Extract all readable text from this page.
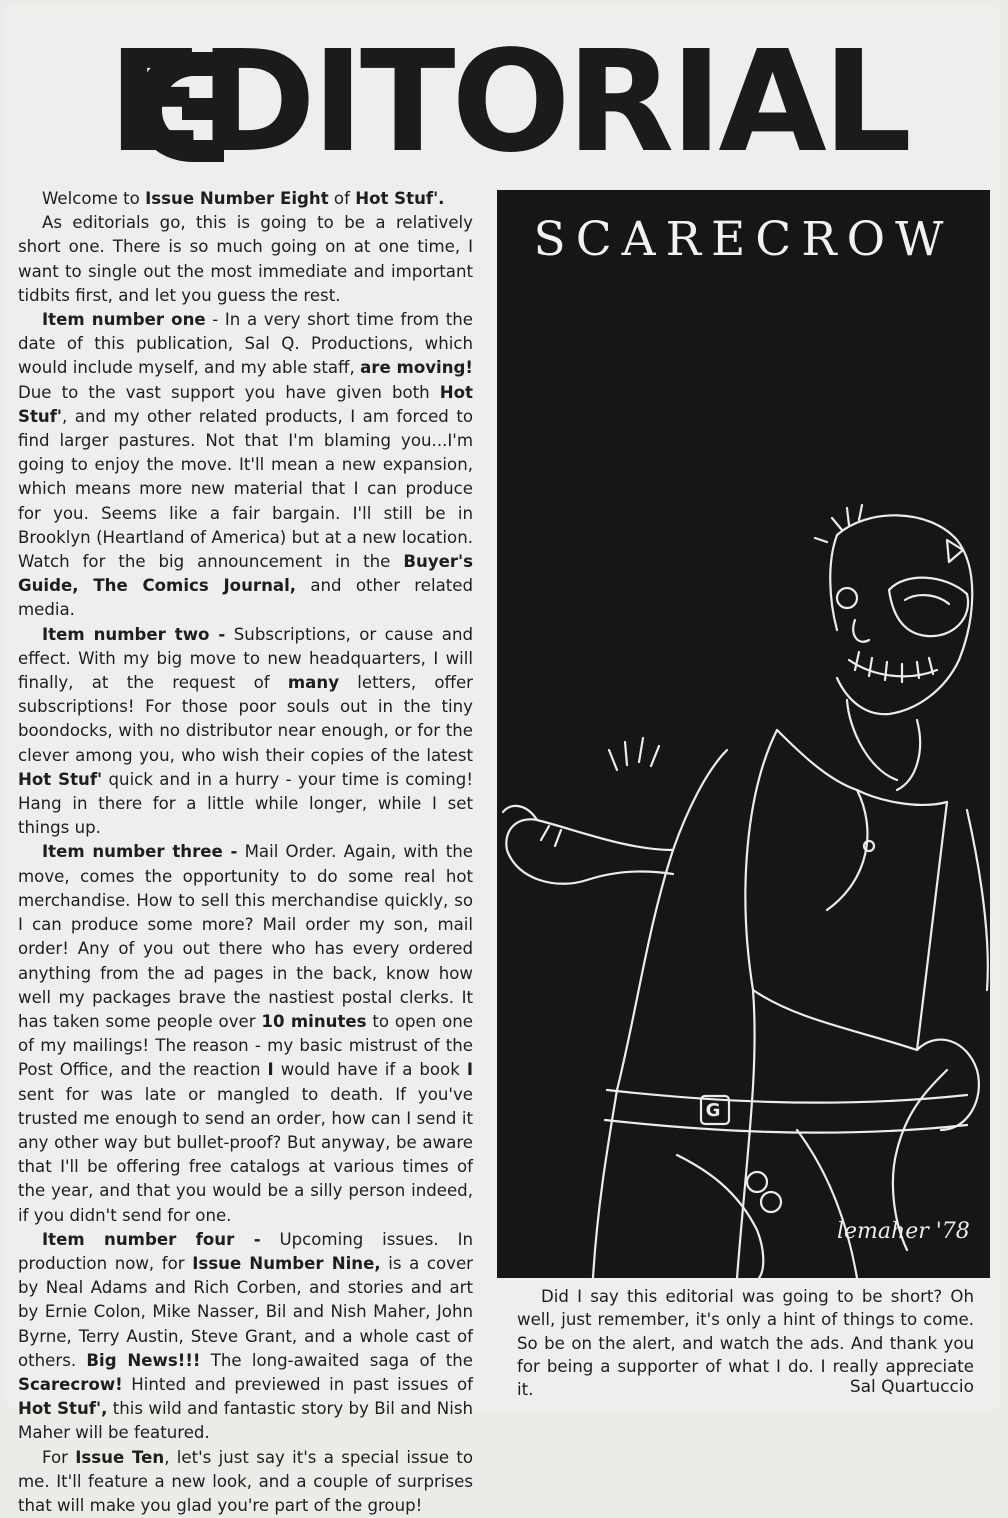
EDITORIAL

Welcome to Issue Number Eight of Hot Stuf'.

As editorials go, this is going to be a relatively short one. There is so much going on at one time, I want to single out the most immediate and important tidbits first, and let you guess the rest.

Item number one - In a very short time from the date of this publication, Sal Q. Productions, which would include myself, and my able staff, are moving! Due to the vast support you have given both Hot Stuf', and my other related products, I am forced to find larger pastures. Not that I'm blaming you...I'm going to enjoy the move. It'll mean a new expansion, which means more new material that I can produce for you. Seems like a fair bargain. I'll still be in Brooklyn (Heartland of America) but at a new location. Watch for the big announcement in the Buyer's Guide, The Comics Journal, and other related media.

Item number two - Subscriptions, or cause and effect. With my big move to new headquarters, I will finally, at the request of many letters, offer subscriptions! For those poor souls out in the tiny boondocks, with no distributor near enough, or for the clever among you, who wish their copies of the latest Hot Stuf' quick and in a hurry - your time is coming! Hang in there for a little while longer, while I set things up.

Item number three - Mail Order. Again, with the move, comes the opportunity to do some real hot merchandise. How to sell this merchandise quickly, so I can produce some more? Mail order my son, mail order! Any of you out there who has every ordered anything from the ad pages in the back, know how well my packages brave the nastiest postal clerks. It has taken some people over 10 minutes to open one of my mailings! The reason - my basic mistrust of the Post Office, and the reaction I would have if a book I sent for was late or mangled to death. If you've trusted me enough to send an order, how can I send it any other way but bullet-proof? But anyway, be aware that I'll be offering free catalogs at various times of the year, and that you would be a silly person indeed, if you didn't send for one.

Item number four - Upcoming issues. In production now, for Issue Number Nine, is a cover by Neal Adams and Rich Corben, and stories and art by Ernie Colon, Mike Nasser, Bil and Nish Maher, John Byrne, Terry Austin, Steve Grant, and a whole cast of others. Big News!!! The long-awaited saga of the Scarecrow! Hinted and previewed in past issues of Hot Stuf', this wild and fantastic story by Bil and Nish Maher will be featured.

For Issue Ten, let's just say it's a special issue to me. It'll feature a new look, and a couple of surprises that will make you glad you're part of the group!

SCARECROW
G
lemaher '78

Did I say this editorial was going to be short? Oh well, just remember, it's only a hint of things to come. So be on the alert, and watch the ads. And thank you for being a supporter of what I do. I really appreciate it.	Sal Quartuccio
